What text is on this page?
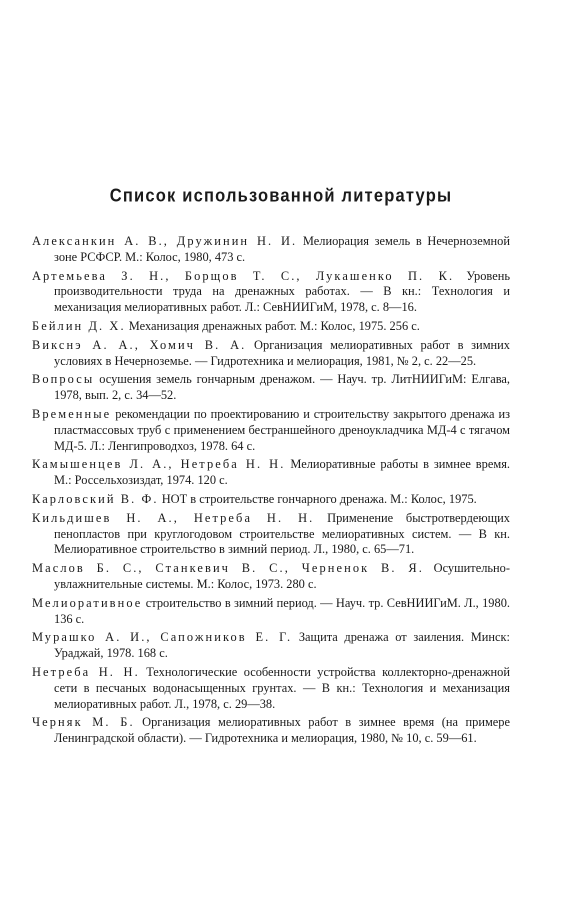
Список использованной литературы

Алексанкин А. В., Дружинин Н. И. Мелиорация земель в Нечерноземной зоне РСФСР. М.: Колос, 1980, 473 с.

Артемьева З. Н., Борщов Т. С., Лукашенко П. К. Уровень производительности труда на дренажных работах. — В кн.: Технология и механизация мелиоративных работ. Л.: СевНИИГиМ, 1978, с. 8—16.

Бейлин Д. Х. Механизация дренажных работ. М.: Колос, 1975. 256 с.

Викснэ А. А., Хомич В. А. Организация мелиоративных работ в зимних условиях в Нечерноземье. — Гидротехника и мелиорация, 1981, № 2, с. 22—25.

Вопросы осушения земель гончарным дренажом. — Науч. тр. ЛитНИИГиМ: Елгава, 1978, вып. 2, с. 34—52.

Временные рекомендации по проектированию и строительству закрытого дренажа из пластмассовых труб с применением бестраншейного дреноукладчика МД-4 с тягачом МД-5. Л.: Ленгипроводхоз, 1978. 64 с.

Камышенцев Л. А., Нетреба Н. Н. Мелиоративные работы в зимнее время. М.: Россельхозиздат, 1974. 120 с.

Карловский В. Ф. НОТ в строительстве гончарного дренажа. М.: Колос, 1975.

Кильдишев Н. А., Нетреба Н. Н. Применение быстротвердеющих пенопластов при круглогодовом строительстве мелиоративных систем. — В кн. Мелиоративное строительство в зимний период. Л., 1980, с. 65—71.

Маслов Б. С., Станкевич В. С., Черненок В. Я. Осушительно-увлажнительные системы. М.: Колос, 1973. 280 с.

Мелиоративное строительство в зимний период. — Науч. тр. СевНИИГиМ. Л., 1980. 136 с.

Мурашко А. И., Сапожников Е. Г. Защита дренажа от заиления. Минск: Ураджай, 1978. 168 с.

Нетреба Н. Н. Технологические особенности устройства коллекторно-дренажной сети в песчаных водонасыщенных грунтах. — В кн.: Технология и механизация мелиоративных работ. Л., 1978, с. 29—38.

Черняк М. Б. Организация мелиоративных работ в зимнее время (на примере Ленинградской области). — Гидротехника и мелиорация, 1980, № 10, с. 59—61.
